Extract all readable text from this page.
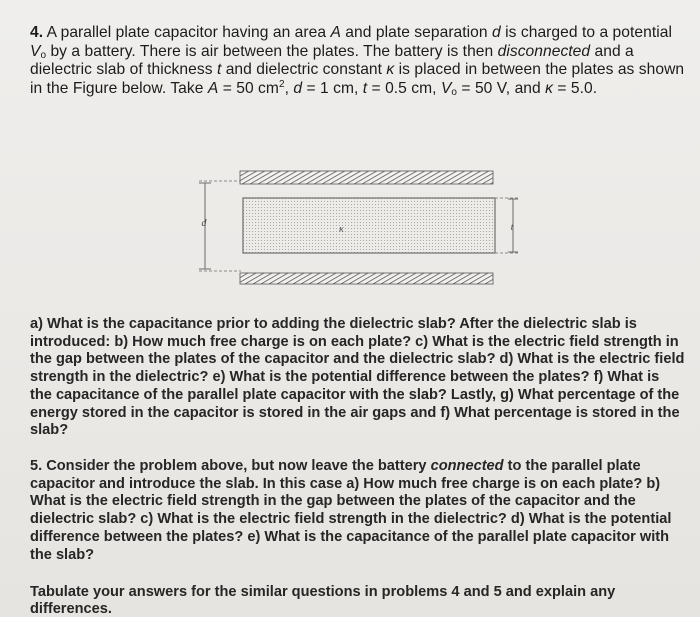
4. A parallel plate capacitor having an area A and plate separation d is charged to a potential $V_o$ by a battery. There is air between the plates. The battery is then disconnected and a dielectric slab of thickness t and dielectric constant κ is placed in between the plates as shown in the Figure below. Take A = 50 $cm^2$, d = 1 cm, t = 0.5 cm, $V_o = 50$ V, and κ = 5.0.
d
κ	t
a) What is the capacitance prior to adding the dielectric slab? After the dielectric slab is introduced: b) How much free charge is on each plate? c) What is the electric field strength in the gap between the plates of the capacitor and the dielectric slab? d) What is the electric field strength in the dielectric? e) What is the potential difference between the plates? f) What is the capacitance of the parallel plate capacitor with the slab? Lastly, g) What percentage of the energy stored in the capacitor is stored in the air gaps and f) What percentage is stored in the slab?
5. Consider the problem above, but now leave the battery connected to the parallel plate capacitor and introduce the slab. In this case a) How much free charge is on each plate? b) What is the electric field strength in the gap between the plates of the capacitor and the dielectric slab? c) What is the electric field strength in the dielectric? d) What is the potential difference between the plates? e) What is the capacitance of the parallel plate capacitor with the slab?
Tabulate your answers for the similar questions in problems 4 and 5 and explain any differences.
